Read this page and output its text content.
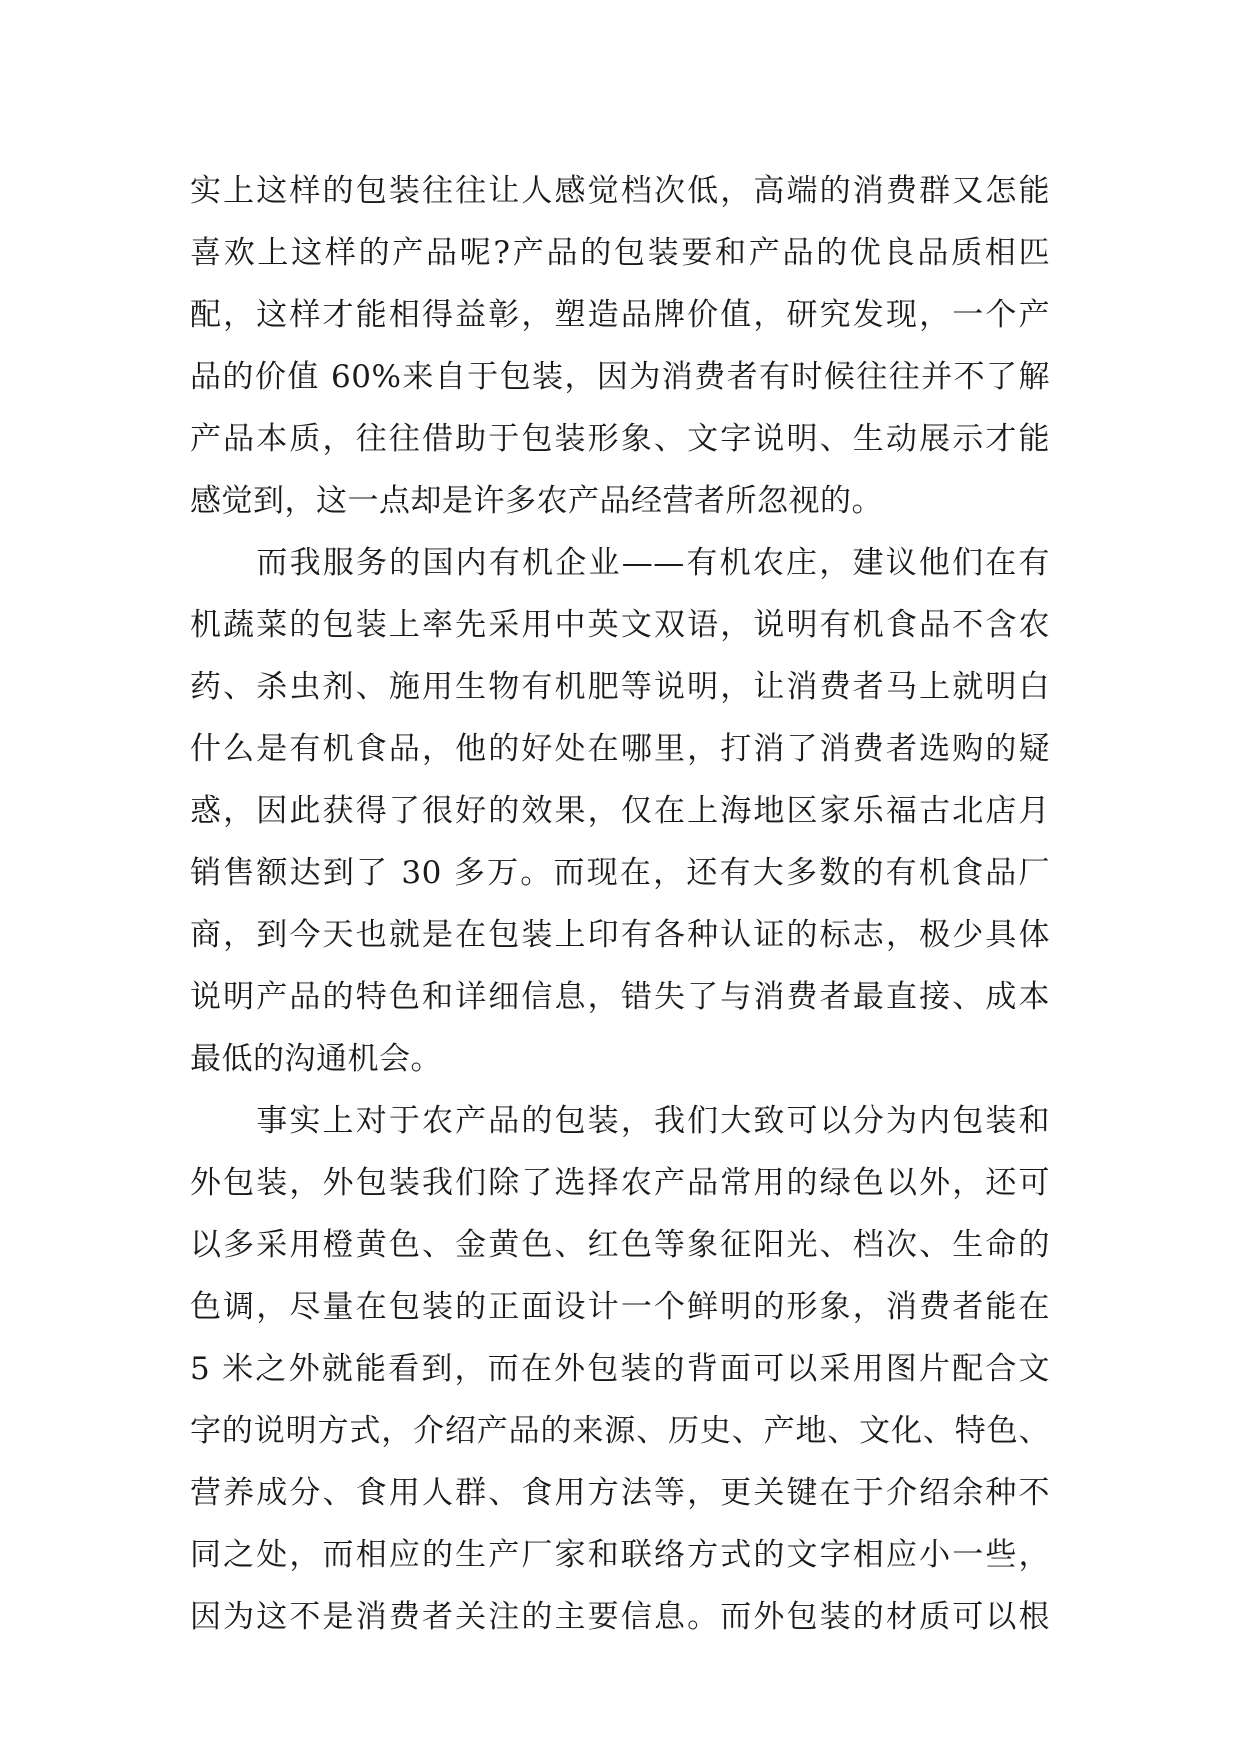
实上这样的包装往往让人感觉档次低，高端的消费群又怎能
喜欢上这样的产品呢?产品的包装要和产品的优良品质相匹
配，这样才能相得益彰，塑造品牌价值，研究发现，一个产
品的价值 60%来自于包装，因为消费者有时候往往并不了解
产品本质，往往借助于包装形象、文字说明、生动展示才能
感觉到，这一点却是许多农产品经营者所忽视的。
　　而我服务的国内有机企业——有机农庄，建议他们在有
机蔬菜的包装上率先采用中英文双语，说明有机食品不含农
药、杀虫剂、施用生物有机肥等说明，让消费者马上就明白
什么是有机食品，他的好处在哪里，打消了消费者选购的疑
惑，因此获得了很好的效果，仅在上海地区家乐福古北店月
销售额达到了 30 多万。而现在，还有大多数的有机食品厂
商，到今天也就是在包装上印有各种认证的标志，极少具体
说明产品的特色和详细信息，错失了与消费者最直接、成本
最低的沟通机会。
　　事实上对于农产品的包装，我们大致可以分为内包装和
外包装，外包装我们除了选择农产品常用的绿色以外，还可
以多采用橙黄色、金黄色、红色等象征阳光、档次、生命的
色调，尽量在包装的正面设计一个鲜明的形象，消费者能在
5 米之外就能看到，而在外包装的背面可以采用图片配合文
字的说明方式，介绍产品的来源、历史、产地、文化、特色、
营养成分、食用人群、食用方法等，更关键在于介绍余种不
同之处，而相应的生产厂家和联络方式的文字相应小一些，
因为这不是消费者关注的主要信息。而外包装的材质可以根
